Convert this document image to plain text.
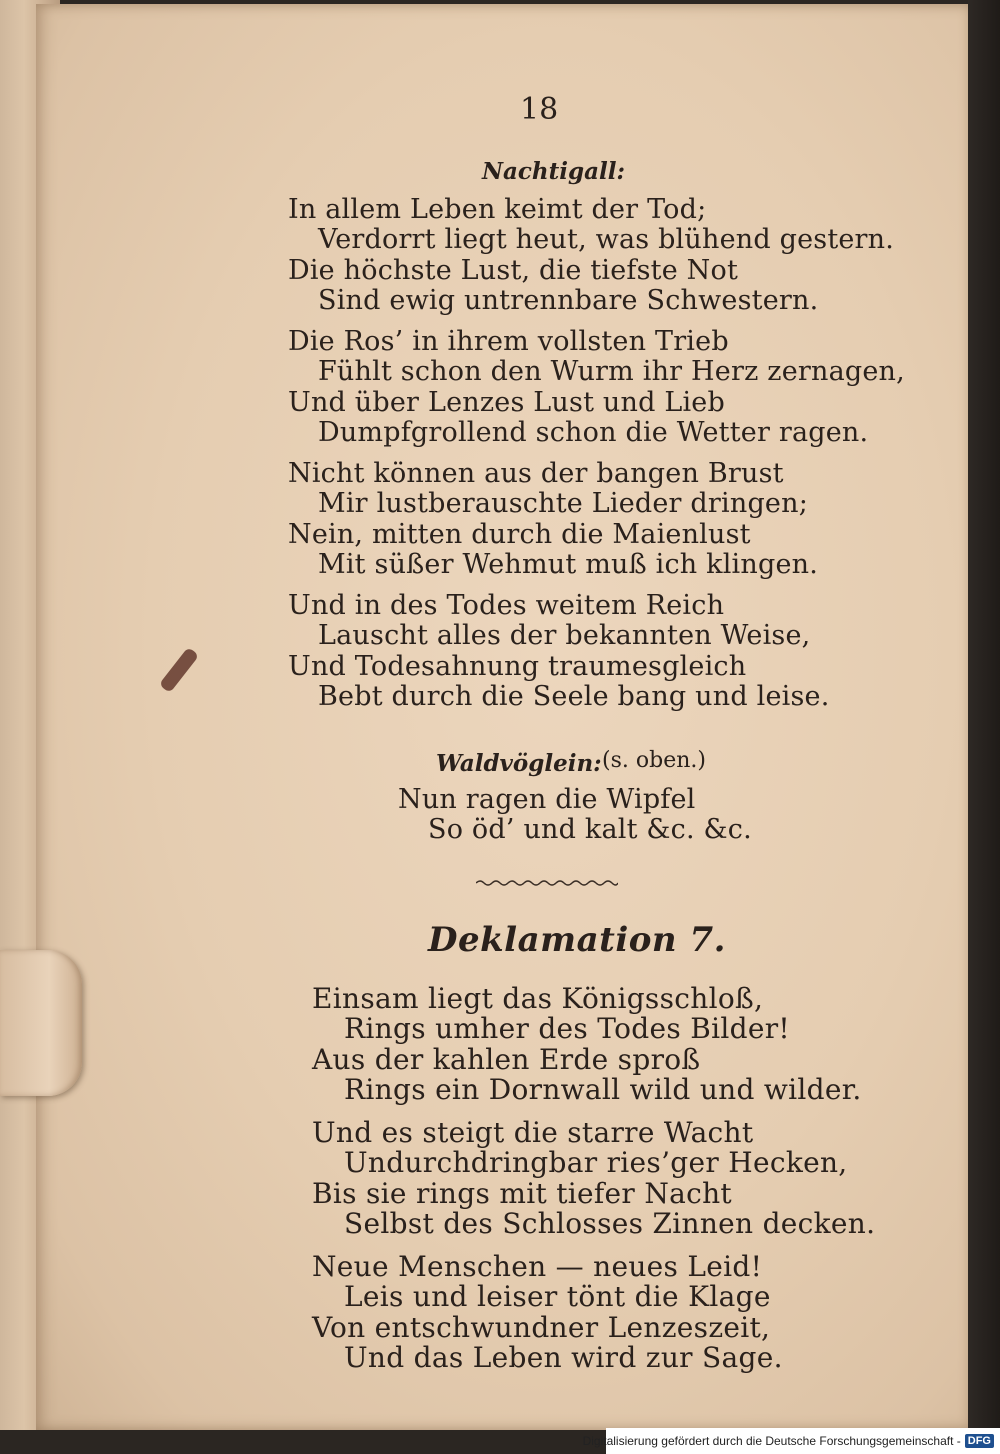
18
Nachtigall:
In allem Leben keimt der Tod;
Verdorrt liegt heut, was blühend gestern.
Die höchste Lust, die tiefste Not
Sind ewig untrennbare Schwestern.
Die Ros’ in ihrem vollsten Trieb
Fühlt schon den Wurm ihr Herz zernagen,
Und über Lenzes Lust und Lieb
Dumpfgrollend schon die Wetter ragen.
Nicht können aus der bangen Brust
Mir lustberauschte Lieder dringen;
Nein, mitten durch die Maienlust
Mit süßer Wehmut muß ich klingen.
Und in des Todes weitem Reich
Lauscht alles der bekannten Weise,
Und Todesahnung traumesgleich
Bebt durch die Seele bang und leise.
Waldvöglein: (s. oben.)
Nun ragen die Wipfel
So öd’ und kalt &c. &c.
Deklamation 7.
Einsam liegt das Königsschloß,
Rings umher des Todes Bilder!
Aus der kahlen Erde sproß
Rings ein Dornwall wild und wilder.
Und es steigt die starre Wacht
Undurchdringbar ries’ger Hecken,
Bis sie rings mit tiefer Nacht
Selbst des Schlosses Zinnen decken.
Neue Menschen — neues Leid!
Leis und leiser tönt die Klage
Von entschwundner Lenzeszeit,
Und das Leben wird zur Sage.
Digitalisierung gefördert durch die Deutsche Forschungsgemeinschaft - DFG
